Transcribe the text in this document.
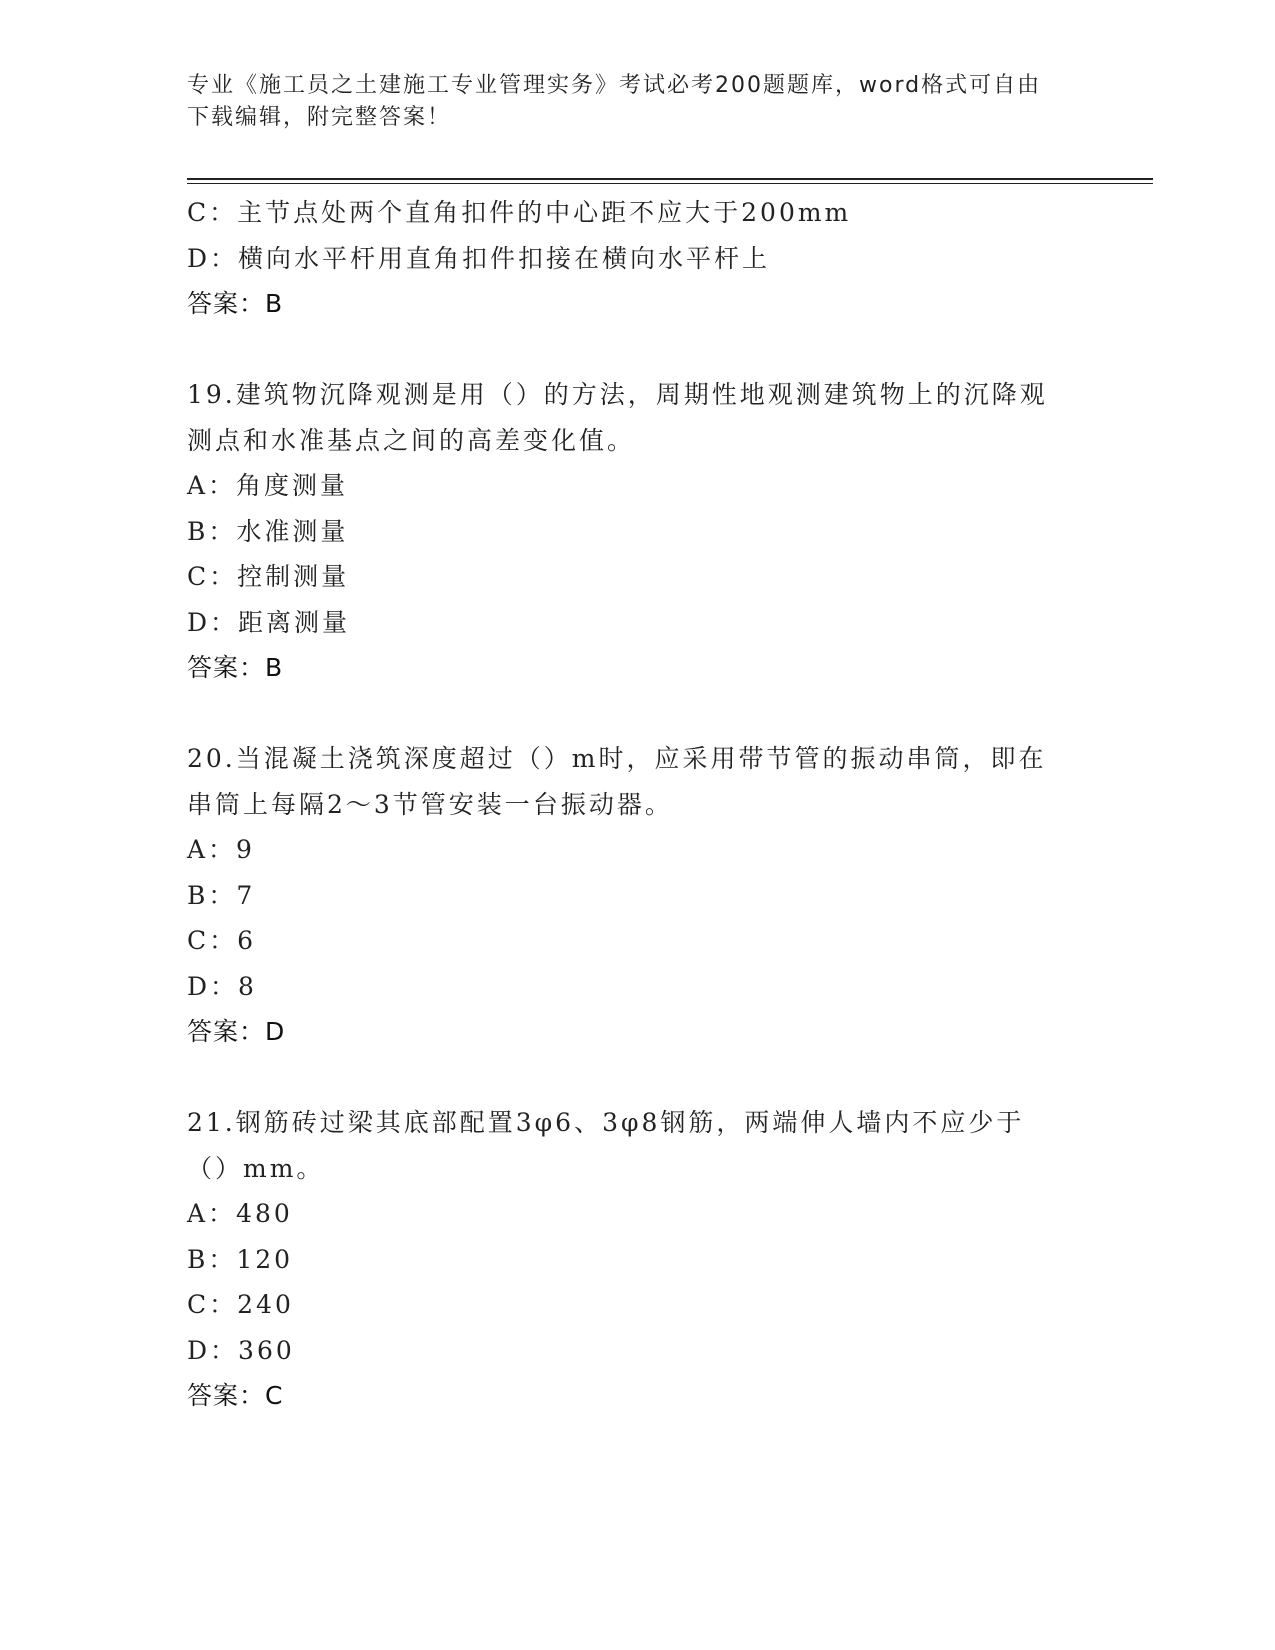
专业《施工员之土建施工专业管理实务》考试必考200题题库，word格式可自由
下载编辑，附完整答案！
C：主节点处两个直角扣件的中心距不应大于200mm
D：横向水平杆用直角扣件扣接在横向水平杆上
答案：B
19.建筑物沉降观测是用（）的方法，周期性地观测建筑物上的沉降观
测点和水准基点之间的高差变化值。
A：角度测量
B：水准测量
C：控制测量
D：距离测量
答案：B
20.当混凝土浇筑深度超过（）m时，应采用带节管的振动串筒，即在
串筒上每隔2～3节管安装一台振动器。
A：9
B：7
C：6
D：8
答案：D
21.钢筋砖过梁其底部配置3φ6、3φ8钢筋，两端伸人墙内不应少于
（）mm。
A：480
B：120
C：240
D：360
答案：C
